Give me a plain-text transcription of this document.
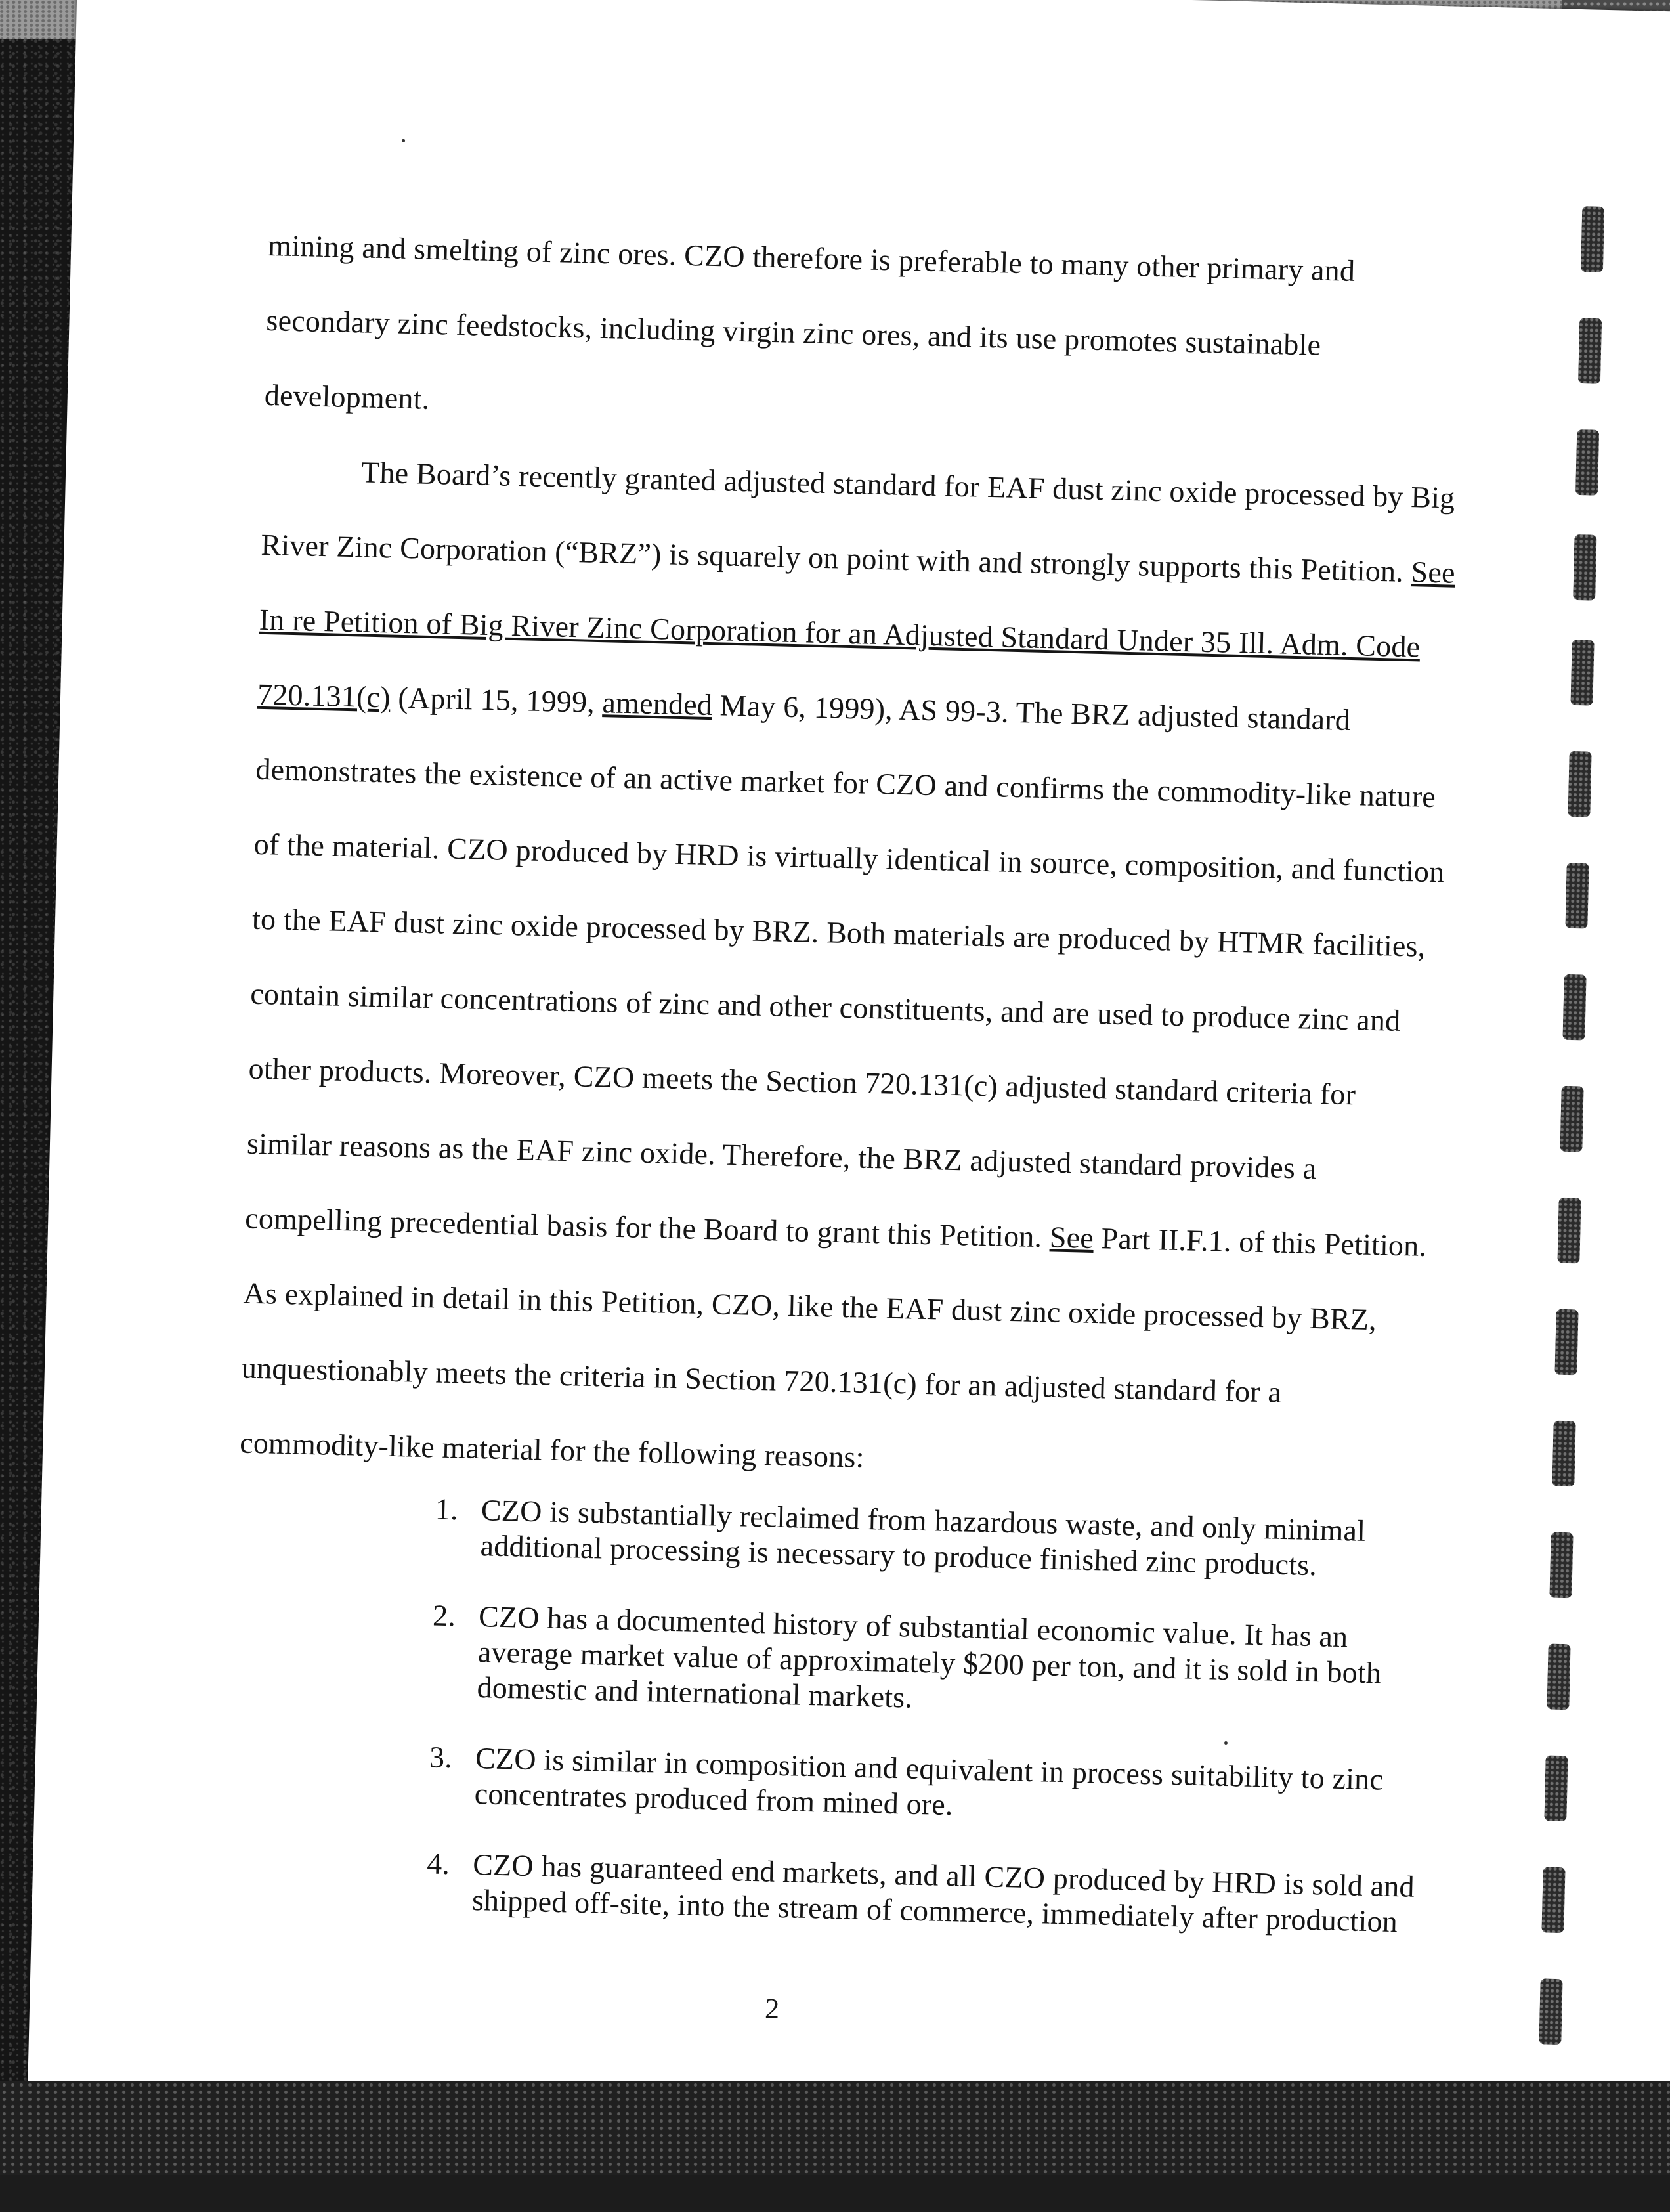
mining and smelting of zinc ores. CZO therefore is preferable to many other primary and secondary zinc feedstocks, including virgin zinc ores, and its use promotes sustainable development.

The Board’s recently granted adjusted standard for EAF dust zinc oxide processed by Big River Zinc Corporation (“BRZ”) is squarely on point with and strongly supports this Petition. See In re Petition of Big River Zinc Corporation for an Adjusted Standard Under 35 Ill. Adm. Code 720.131(c) (April 15, 1999, amended May 6, 1999), AS 99-3. The BRZ adjusted standard demonstrates the existence of an active market for CZO and confirms the commodity-like nature of the material. CZO produced by HRD is virtually identical in source, composition, and function to the EAF dust zinc oxide processed by BRZ. Both materials are produced by HTMR facilities, contain similar concentrations of zinc and other constituents, and are used to produce zinc and other products. Moreover, CZO meets the Section 720.131(c) adjusted standard criteria for similar reasons as the EAF zinc oxide. Therefore, the BRZ adjusted standard provides a compelling precedential basis for the Board to grant this Petition. See Part II.F.1. of this Petition.

As explained in detail in this Petition, CZO, like the EAF dust zinc oxide processed by BRZ, unquestionably meets the criteria in Section 720.131(c) for an adjusted standard for a commodity-like material for the following reasons:

1. CZO is substantially reclaimed from hazardous waste, and only minimal additional processing is necessary to produce finished zinc products.
2. CZO has a documented history of substantial economic value. It has an average market value of approximately $200 per ton, and it is sold in both domestic and international markets.
3. CZO is similar in composition and equivalent in process suitability to zinc concentrates produced from mined ore.
4. CZO has guaranteed end markets, and all CZO produced by HRD is sold and shipped off-site, into the stream of commerce, immediately after production
2
